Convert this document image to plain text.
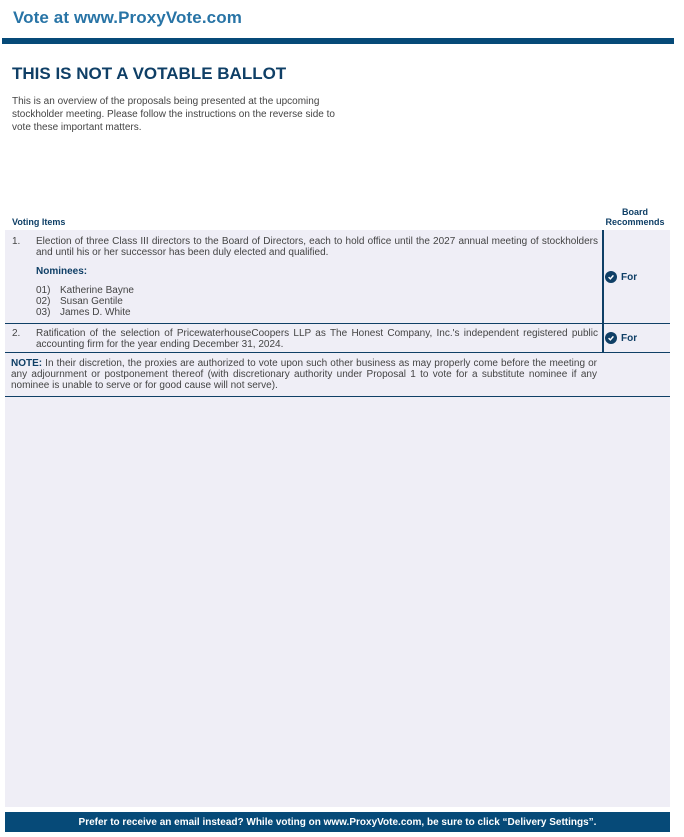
Vote at www.ProxyVote.com
THIS IS NOT A VOTABLE BALLOT
This is an overview of the proposals being presented at the upcoming stockholder meeting. Please follow the instructions on the reverse side to vote these important matters.
Voting Items
Board
Recommends
1. Election of three Class III directors to the Board of Directors, each to hold office until the 2027 annual meeting of stockholders and until his or her successor has been duly elected and qualified.
Nominees:
01) Katherine Bayne
02) Susan Gentile
03) James D. White
For
2. Ratification of the selection of PricewaterhouseCoopers LLP as The Honest Company, Inc.'s independent registered public accounting firm for the year ending December 31, 2024.
For
NOTE: In their discretion, the proxies are authorized to vote upon such other business as may properly come before the meeting or any adjournment or postponement thereof (with discretionary authority under Proposal 1 to vote for a substitute nominee if any nominee is unable to serve or for good cause will not serve).
Prefer to receive an email instead? While voting on www.ProxyVote.com, be sure to click “Delivery Settings”.
